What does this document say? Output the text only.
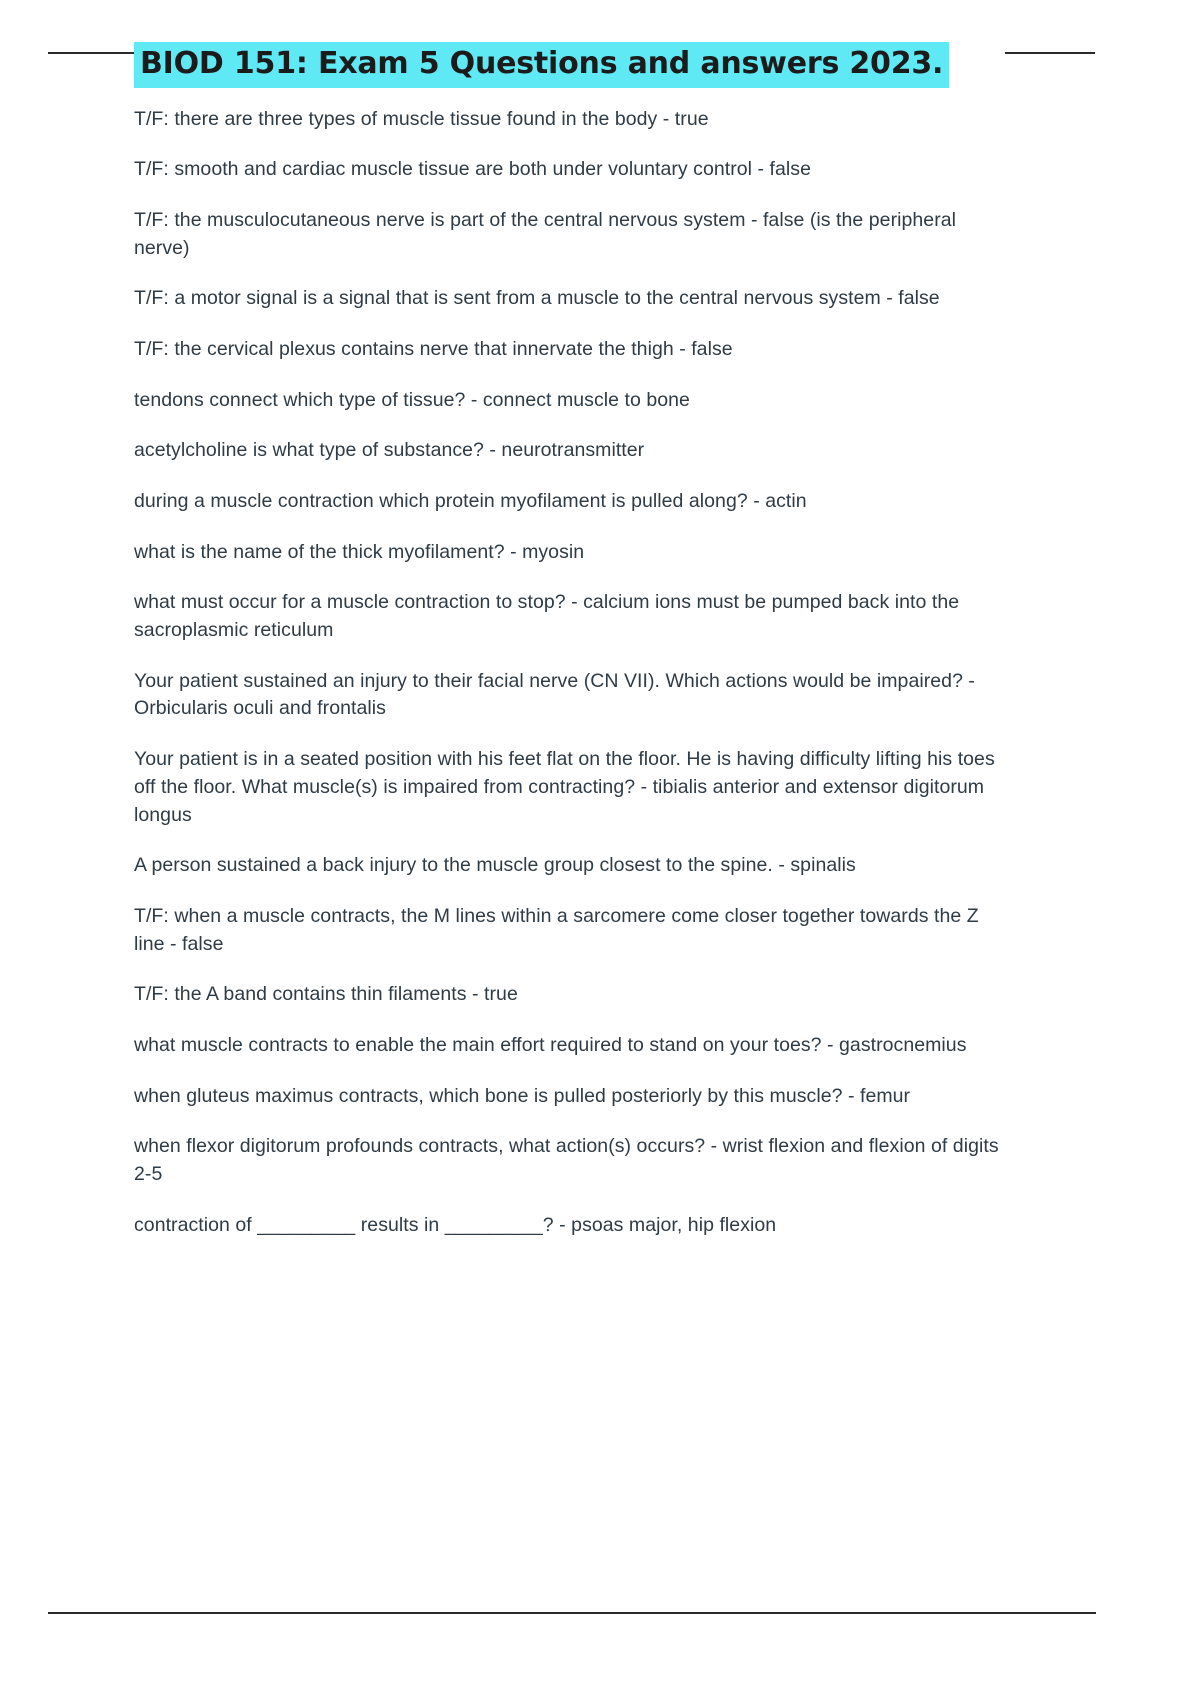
BIOD 151: Exam 5 Questions and answers 2023.
T/F: there are three types of muscle tissue found in the body - true
T/F: smooth and cardiac muscle tissue are both under voluntary control - false
T/F: the musculocutaneous nerve is part of the central nervous system - false (is the peripheral nerve)
T/F: a motor signal is a signal that is sent from a muscle to the central nervous system - false
T/F: the cervical plexus contains nerve that innervate the thigh - false
tendons connect which type of tissue? - connect muscle to bone
acetylcholine is what type of substance? - neurotransmitter
during a muscle contraction which protein myofilament is pulled along? - actin
what is the name of the thick myofilament? - myosin
what must occur for a muscle contraction to stop? - calcium ions must be pumped back into the sacroplasmic reticulum
Your patient sustained an injury to their facial nerve (CN VII). Which actions would be impaired? - Orbicularis oculi and frontalis
Your patient is in a seated position with his feet flat on the floor. He is having difficulty lifting his toes off the floor. What muscle(s) is impaired from contracting? - tibialis anterior and extensor digitorum longus
A person sustained a back injury to the muscle group closest to the spine. - spinalis
T/F: when a muscle contracts, the M lines within a sarcomere come closer together towards the Z line - false
T/F: the A band contains thin filaments - true
what muscle contracts to enable the main effort required to stand on your toes? - gastrocnemius
when gluteus maximus contracts, which bone is pulled posteriorly by this muscle? - femur
when flexor digitorum profounds contracts, what action(s) occurs? - wrist flexion and flexion of digits 2-5
contraction of _________ results in _________? - psoas major, hip flexion
